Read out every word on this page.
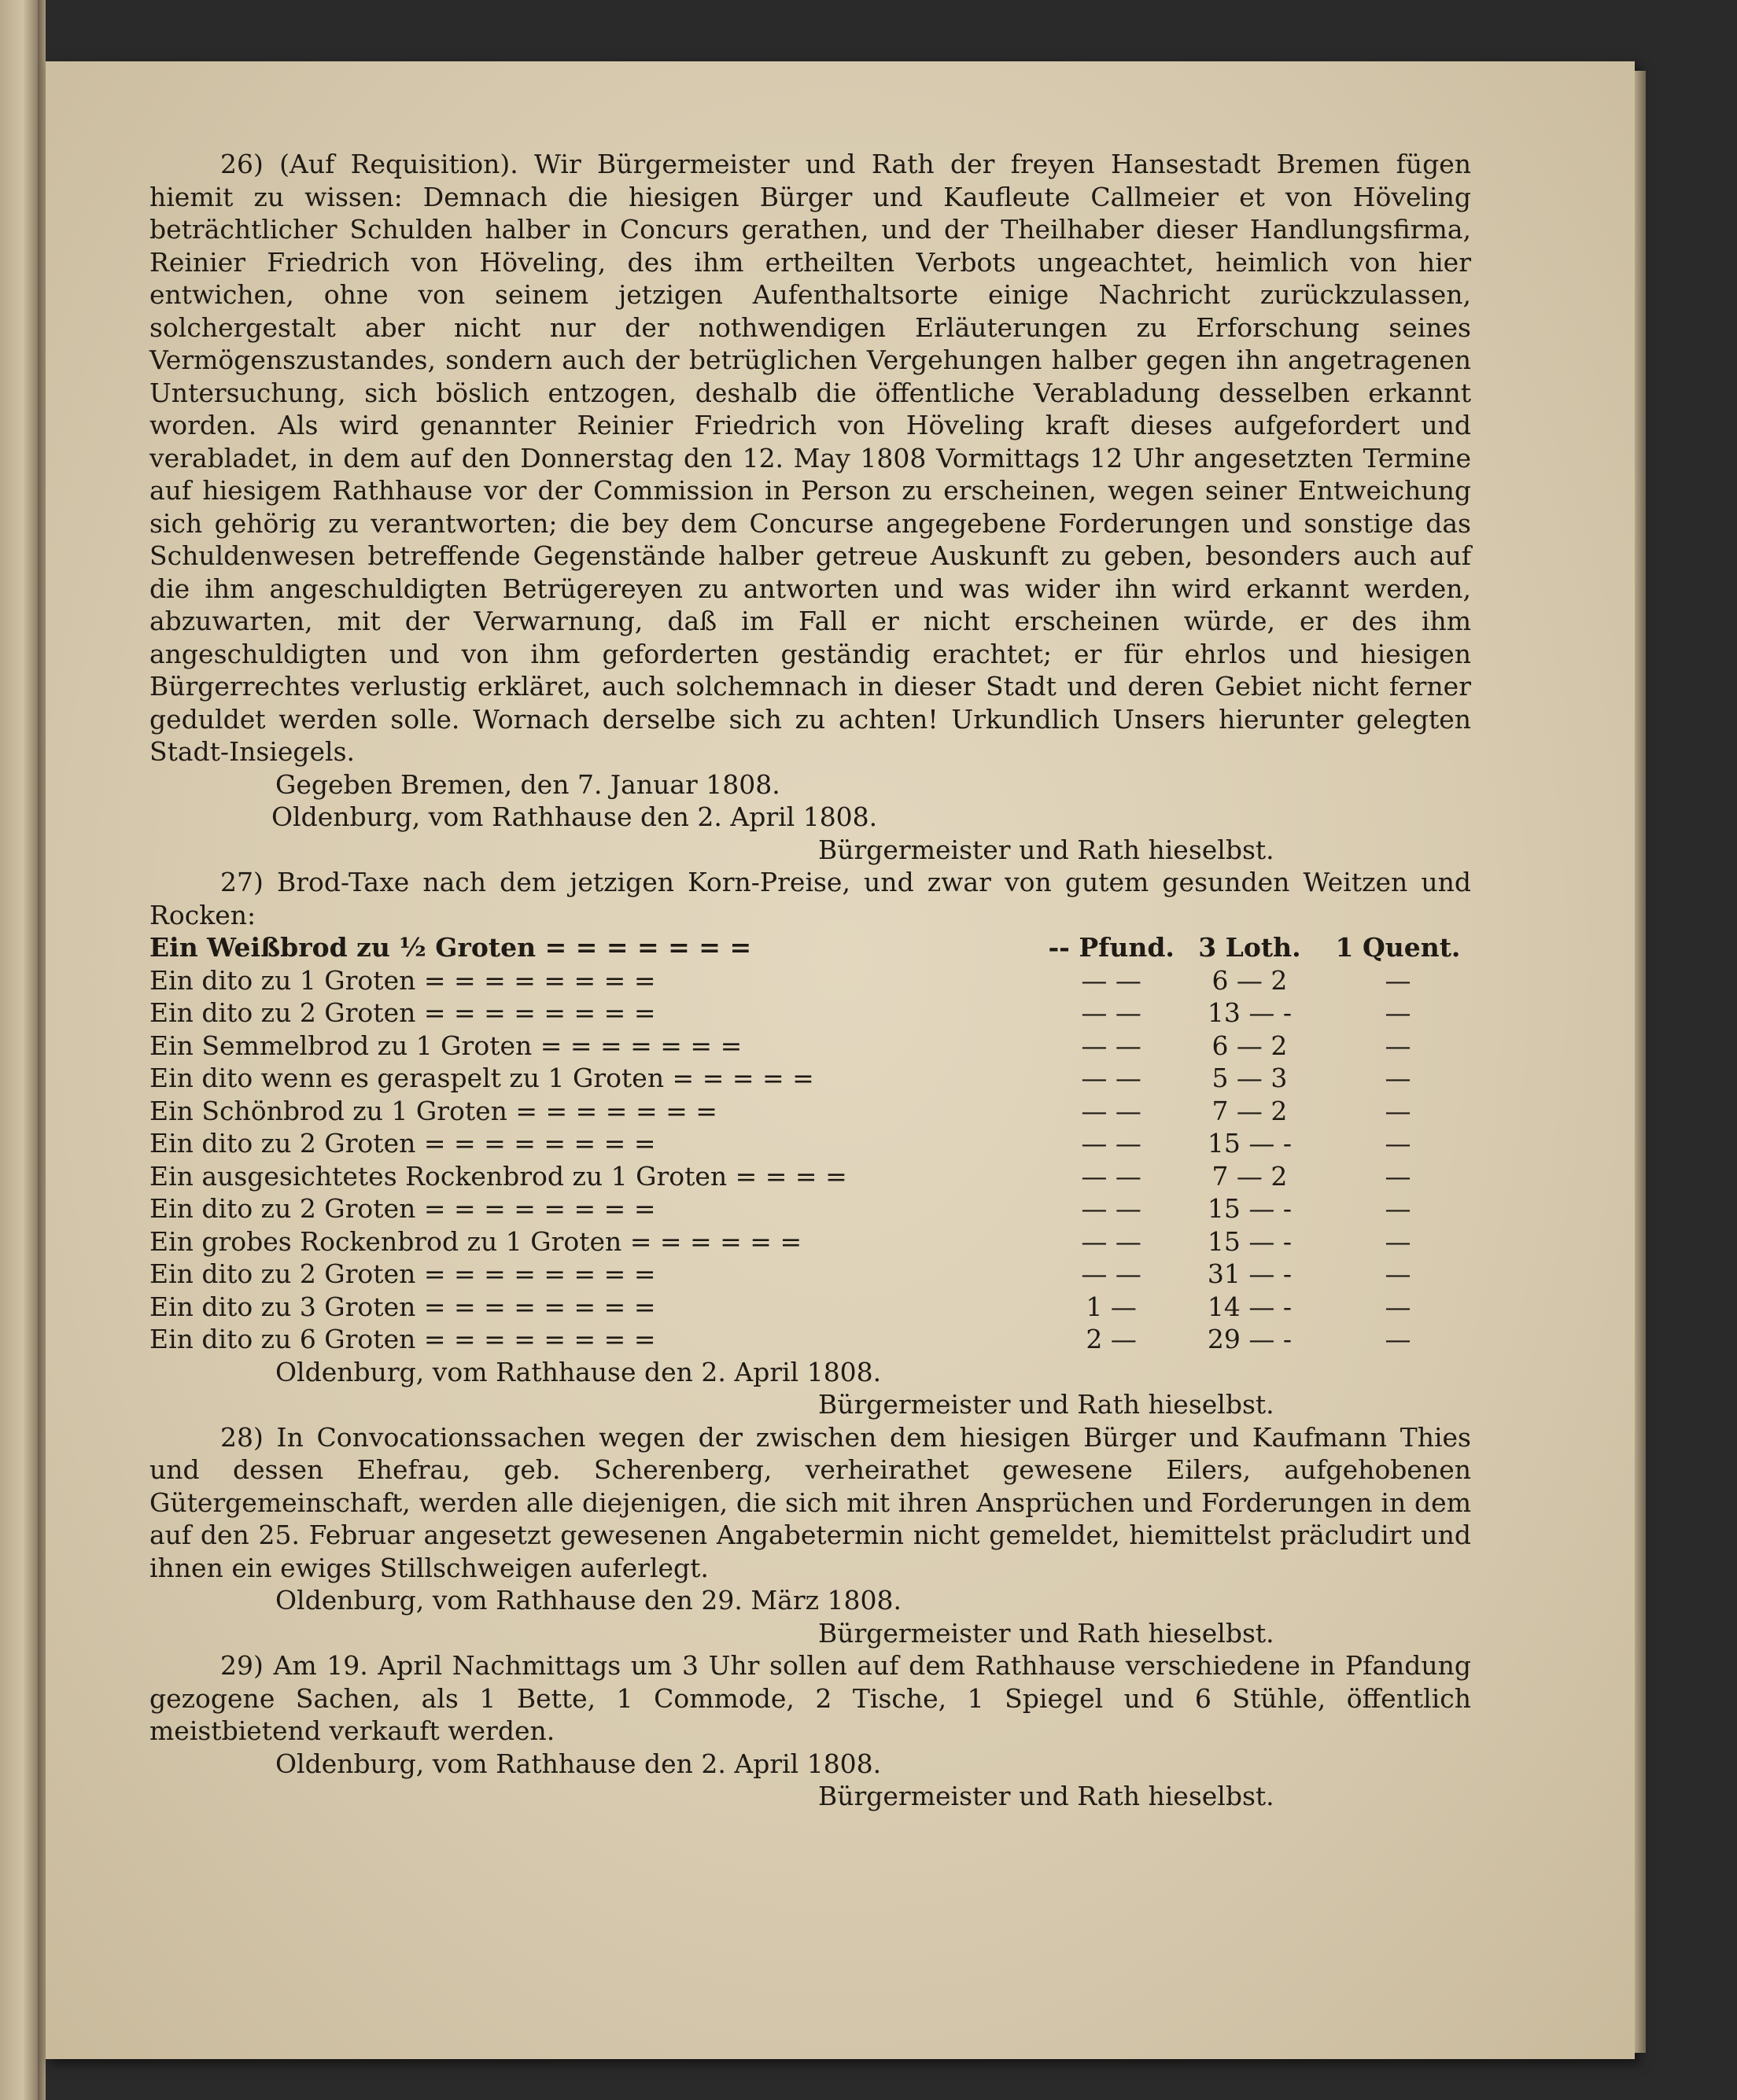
26) (Auf Requisition). Wir Bürgermeister und Rath der freyen Hansestadt Bremen fügen hiemit zu wissen: Demnach die hiesigen Bürger und Kaufleute Callmeier et von Höveling beträchtlicher Schulden halber in Concurs gerathen, und der Theilhaber dieser Handlungsfirma, Reinier Friedrich von Höveling, des ihm ertheilten Verbots ungeachtet, heimlich von hier entwichen, ohne von seinem jetzigen Aufenthaltsorte einige Nachricht zurückzulassen, solchergestalt aber nicht nur der nothwendigen Erläuterungen zu Erforschung seines Vermögenszustandes, sondern auch der betrüglichen Vergehungen halber gegen ihn angetragenen Untersuchung, sich böslich entzogen, deshalb die öffentliche Verabladung desselben erkannt worden. Als wird genannter Reinier Friedrich von Höveling kraft dieses aufgefordert und verabladet, in dem auf den Donnerstag den 12. May 1808 Vormittags 12 Uhr angesetzten Termine auf hiesigem Rathhause vor der Commission in Person zu erscheinen, wegen seiner Entweichung sich gehörig zu verantworten; die bey dem Concurse angegebene Forderungen und sonstige das Schuldenwesen betreffende Gegenstände halber getreue Auskunft zu geben, besonders auch auf die ihm angeschuldigten Betrügereyen zu antworten und was wider ihn wird erkannt werden, abzuwarten, mit der Verwarnung, daß im Fall er nicht erscheinen würde, er des ihm angeschuldigten und von ihm geforderten geständig erachtet; er für ehrlos und hiesigen Bürgerrechtes verlustig erkläret, auch solchemnach in dieser Stadt und deren Gebiet nicht ferner geduldet werden solle. Wornach derselbe sich zu achten! Urkundlich Unsers hierunter gelegten Stadt-Insiegels.

Gegeben Bremen, den 7. Januar 1808.

Oldenburg, vom Rathhause den 2. April 1808.

Bürgermeister und Rath hieselbst.

27) Brod-Taxe nach dem jetzigen Korn-Preise, und zwar von gutem gesunden Weitzen und Rocken:

Ein Weißbrod zu ½ Groten = = = = = = =	-- Pfund.	3 Loth.	1 Quent.
Ein dito zu 1 Groten = = = = = = = =	— —	6 — 2	—
Ein dito zu 2 Groten = = = = = = = =	— —	13 — -	—
Ein Semmelbrod zu 1 Groten = = = = = = =	— —	6 — 2	—
Ein dito wenn es geraspelt zu 1 Groten = = = = =	— —	5 — 3	—
Ein Schönbrod zu 1 Groten = = = = = = =	— —	7 — 2	—
Ein dito zu 2 Groten = = = = = = = =	— —	15 — -	—
Ein ausgesichtetes Rockenbrod zu 1 Groten = = = =	— —	7 — 2	—
Ein dito zu 2 Groten = = = = = = = =	— —	15 — -	—
Ein grobes Rockenbrod zu 1 Groten = = = = = =	— —	15 — -	—
Ein dito zu 2 Groten = = = = = = = =	— —	31 — -	—
Ein dito zu 3 Groten = = = = = = = =	1 —	14 — -	—
Ein dito zu 6 Groten = = = = = = = =	2 —	29 — -	—

Oldenburg, vom Rathhause den 2. April 1808.

Bürgermeister und Rath hieselbst.

28) In Convocationssachen wegen der zwischen dem hiesigen Bürger und Kaufmann Thies und dessen Ehefrau, geb. Scherenberg, verheirathet gewesene Eilers, aufgehobenen Gütergemeinschaft, werden alle diejenigen, die sich mit ihren Ansprüchen und Forderungen in dem auf den 25. Februar angesetzt gewesenen Angabetermin nicht gemeldet, hiemittelst präcludirt und ihnen ein ewiges Stillschweigen auferlegt.

Oldenburg, vom Rathhause den 29. März 1808.

Bürgermeister und Rath hieselbst.

29) Am 19. April Nachmittags um 3 Uhr sollen auf dem Rathhause verschiedene in Pfandung gezogene Sachen, als 1 Bette, 1 Commode, 2 Tische, 1 Spiegel und 6 Stühle, öffentlich meistbietend verkauft werden.

Oldenburg, vom Rathhause den 2. April 1808.

Bürgermeister und Rath hieselbst.
